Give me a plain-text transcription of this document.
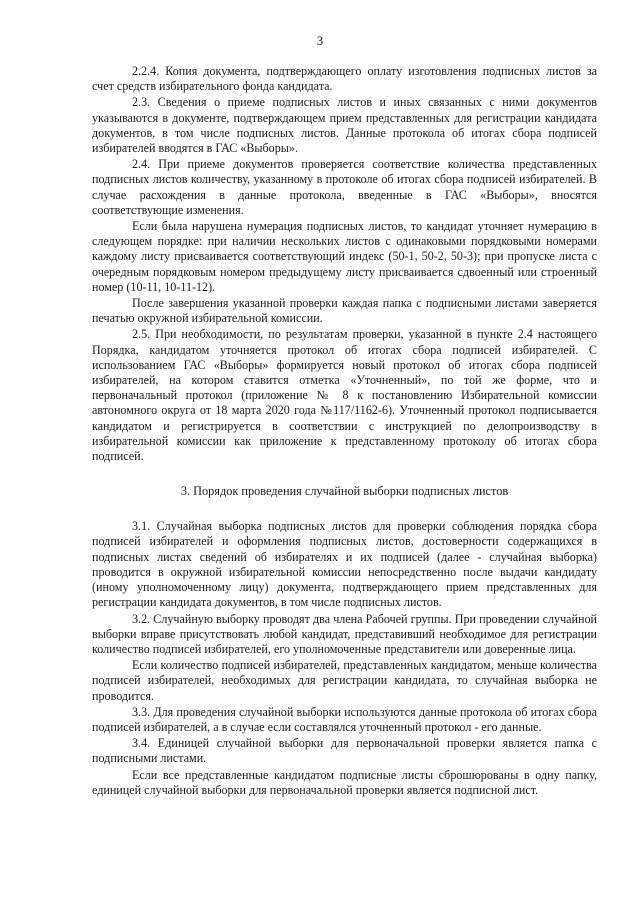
3

2.2.4. Копия документа, подтверждающего оплату изготовления подписных листов за счет средств избирательного фонда кандидата.

2.3. Сведения о приеме подписных листов и иных связанных с ними документов указываются в документе, подтверждающем прием представленных для регистрации кандидата документов, в том числе подписных листов. Данные протокола об итогах сбора подписей избирателей вводятся в ГАС «Выборы».

2.4. При приеме документов проверяется соответствие количества представленных подписных листов количеству, указанному в протоколе об итогах сбора подписей избирателей. В случае расхождения в данные протокола, введенные в ГАС «Выборы», вносятся соответствующие изменения.

Если была нарушена нумерация подписных листов, то кандидат уточняет нумерацию в следующем порядке: при наличии нескольких листов с одинаковыми порядковыми номерами каждому листу присваивается соответствующий индекс (50-1, 50-2, 50-3); при пропуске листа с очередным порядковым номером предыдущему листу присваивается сдвоенный или строенный номер (10-11, 10-11-12).

После завершения указанной проверки каждая папка с подписными листами заверяется печатью окружной избирательной комиссии.

2.5. При необходимости, по результатам проверки, указанной в пункте 2.4 настоящего Порядка, кандидатом уточняется протокол об итогах сбора подписей избирателей. С использованием ГАС «Выборы» формируется новый протокол об итогах сбора подписей избирателей, на котором ставится отметка «Уточненный», по той же форме, что и первоначальный протокол (приложение № 8 к постановлению Избирательной комиссии автономного округа от 18 марта 2020 года №117/1162-6). Уточненный протокол подписывается кандидатом и регистрируется в соответствии с инструкцией по делопроизводству в избирательной комиссии как приложение к представленному протоколу об итогах сбора подписей.

3. Порядок проведения случайной выборки подписных листов

3.1. Случайная выборка подписных листов для проверки соблюдения порядка сбора подписей избирателей и оформления подписных листов, достоверности содержащихся в подписных листах сведений об избирателях и их подписей (далее - случайная выборка) проводится в окружной избирательной комиссии непосредственно после выдачи кандидату (иному уполномоченному лицу) документа, подтверждающего прием представленных для регистрации кандидата документов, в том числе подписных листов.

3.2. Случайную выборку проводят два члена Рабочей группы. При проведении случайной выборки вправе присутствовать любой кандидат, представивший необходимое для регистрации количество подписей избирателей, его уполномоченные представители или доверенные лица.

Если количество подписей избирателей, представленных кандидатом, меньше количества подписей избирателей, необходимых для регистрации кандидата, то случайная выборка не проводится.

3.3. Для проведения случайной выборки используются данные протокола об итогах сбора подписей избирателей, а в случае если составлялся уточненный протокол - его данные.

3.4. Единицей случайной выборки для первоначальной проверки является папка с подписными листами.

Если все представленные кандидатом подписные листы сброшюрованы в одну папку, единицей случайной выборки для первоначальной проверки является подписной лист.
